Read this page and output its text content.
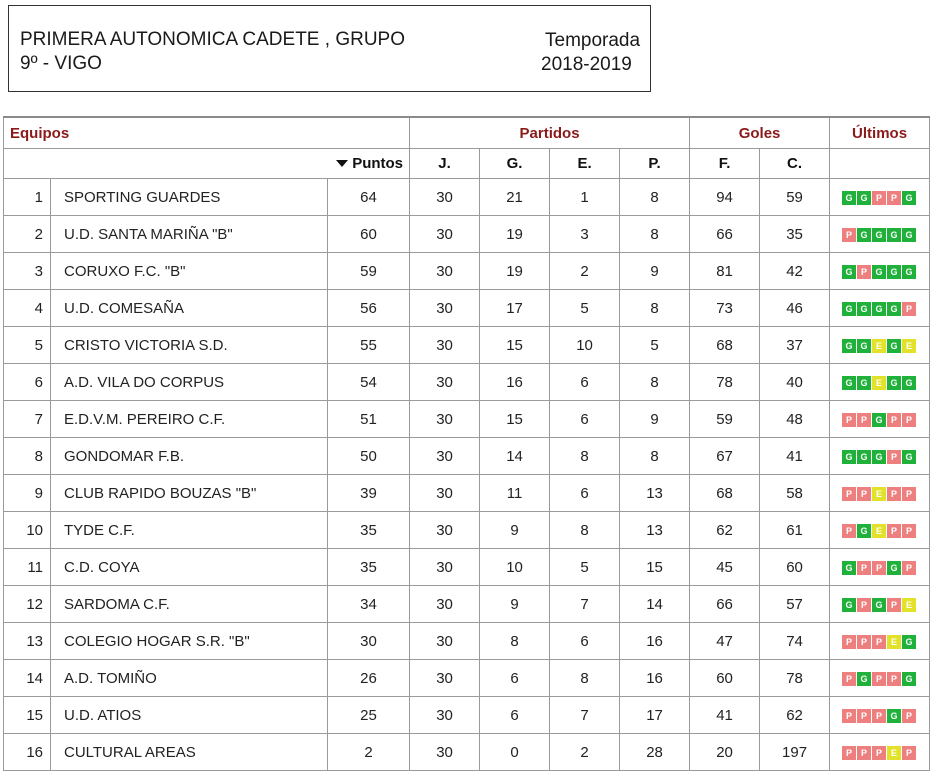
PRIMERA AUTONOMICA CADETE , GRUPO
9º - VIGO
Temporada
2018-2019
Equipos			Partidos				Goles		Últimos
Puntos			J.	G.	E.	P.	F.	C.	
1	SPORTING GUARDES	64	30	21	1	8	94	59	G G P P G

2	U.D. SANTA MARIÑA "B"	60	30	19	3	8	66	35	P G G G G

3	CORUXO F.C. "B"	59	30	19	2	9	81	42	G P G G G

4	U.D. COMESAÑA	56	30	17	5	8	73	46	G G G G P

5	CRISTO VICTORIA S.D.	55	30	15	10	5	68	37	G G E G E

6	A.D. VILA DO CORPUS	54	30	16	6	8	78	40	G G E G G

7	E.D.V.M. PEREIRO C.F.	51	30	15	6	9	59	48	P P G P P

8	GONDOMAR F.B.	50	30	14	8	8	67	41	G G G P G

9	CLUB RAPIDO BOUZAS "B"	39	30	11	6	13	68	58	P P E P P

10	TYDE C.F.	35	30	9	8	13	62	61	P G E P P

11	C.D. COYA	35	30	10	5	15	45	60	G P P G P

12	SARDOMA C.F.	34	30	9	7	14	66	57	G P G P E

13	COLEGIO HOGAR S.R. "B"	30	30	8	6	16	47	74	P P P E G

14	A.D. TOMIÑO	26	30	6	8	16	60	78	P G P P G

15	U.D. ATIOS	25	30	6	7	17	41	62	P P P G P

16	CULTURAL AREAS	2	30	0	2	28	20	197	P P P E P
